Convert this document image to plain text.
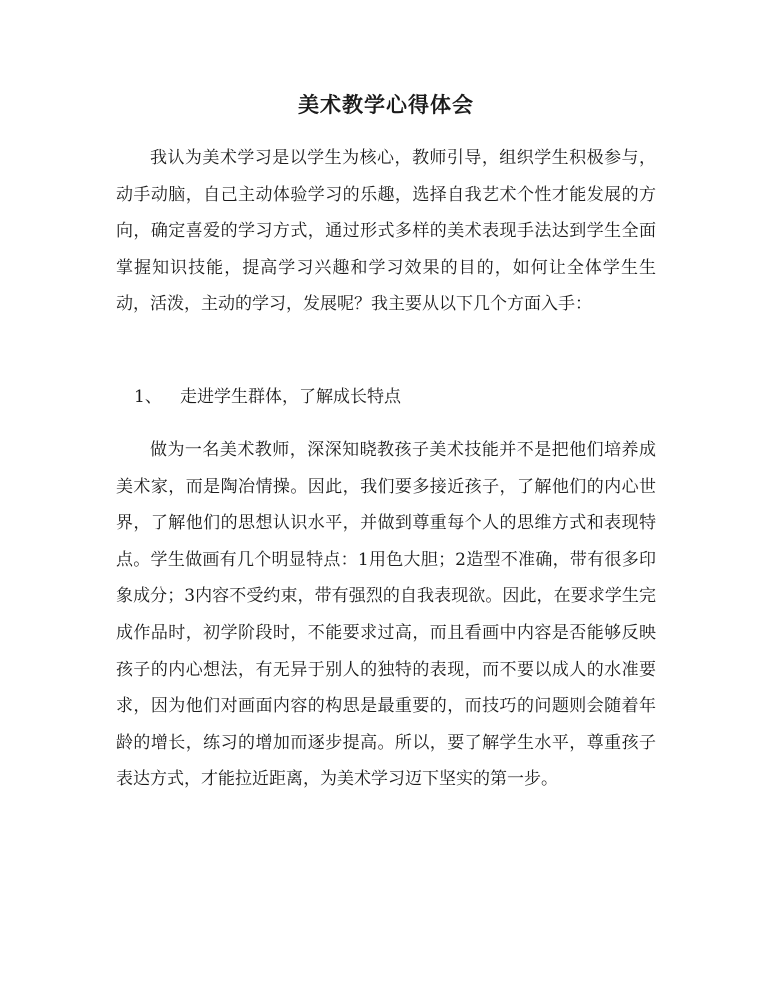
美术教学心得体会

我认为美术学习是以学生为核心，教师引导，组织学生积极参与，动手动脑，自己主动体验学习的乐趣，选择自我艺术个性才能发展的方向，确定喜爱的学习方式，通过形式多样的美术表现手法达到学生全面掌握知识技能，提高学习兴趣和学习效果的目的，如何让全体学生生动，活泼，主动的学习，发展呢？我主要从以下几个方面入手：

1、 走进学生群体，了解成长特点

做为一名美术教师，深深知晓教孩子美术技能并不是把他们培养成美术家，而是陶冶情操。因此，我们要多接近孩子，了解他们的内心世界，了解他们的思想认识水平，并做到尊重每个人的思维方式和表现特点。学生做画有几个明显特点：1用色大胆；2造型不准确，带有很多印象成分；3内容不受约束，带有强烈的自我表现欲。因此，在要求学生完成作品时，初学阶段时，不能要求过高，而且看画中内容是否能够反映孩子的内心想法，有无异于别人的独特的表现，而不要以成人的水准要求，因为他们对画面内容的构思是最重要的，而技巧的问题则会随着年龄的增长，练习的增加而逐步提高。所以，要了解学生水平，尊重孩子表达方式，才能拉近距离，为美术学习迈下坚实的第一步。
